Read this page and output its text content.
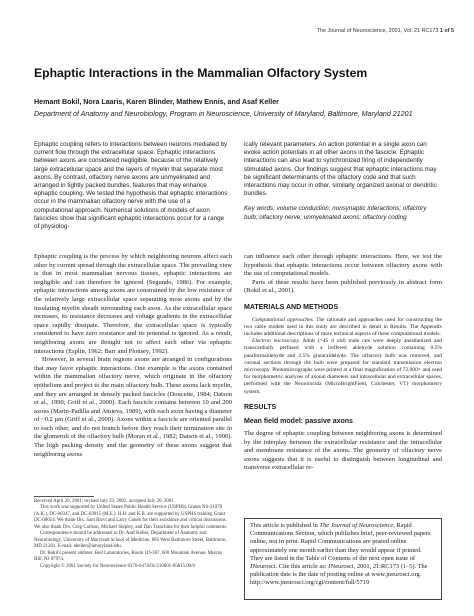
The Journal of Neuroscience, 2001, Vol. 21 RC173 1 of 5
Ephaptic Interactions in the Mammalian Olfactory System
Hemant Bokil, Nora Laaris, Karen Blinder, Mathew Ennis, and Asaf Keller
Department of Anatomy and Neurobiology, Program in Neuroscience, University of Maryland, Baltimore, Maryland 21201

Ephaptic coupling refers to interactions between neurons mediated by current flow through the extracellular space. Ephaptic interactions between axons are considered negligible, because of the relatively large extracellular space and the layers of myelin that separate most axons. By contrast, olfactory nerve axons are unmyelinated and arranged in tightly packed bundles, features that may enhance ephaptic coupling. We tested the hypothesis that ephaptic interactions occur in the mammalian olfactory nerve with the use of a computational approach. Numerical solutions of models of axon fascicles show that significant ephaptic interactions occur for a range of physiolog-

ically relevant parameters. An action potential in a single axon can evoke action potentials in all other axons in the fascicle. Ephaptic interactions can also lead to synchronized firing of independently stimulated axons. Our findings suggest that ephaptic interactions may be significant determinants of the olfactory code and that such interactions may occur in other, similarly organized axonal or dendritic bundles.

Key words: volume conduction; nonsynaptic interactions; olfactory bulb; olfactory nerve; unmyelinated axons; olfactory coding

Ephaptic coupling is the process by which neighboring neurons affect each other by current spread through the extracellular space. The prevailing view is that in most mammalian nervous tissues, ephaptic interactions are negligible and can therefore be ignored (Segundo, 1986). For example, ephaptic interactions among axons are constrained by the low resistance of the relatively large extracellular space separating most axons and by the insulating myelin sheath surrounding each axon. As the extracellular space increases, its resistance decreases and voltage gradients in the extracellular space rapidly dissipate. Therefore, the extracellular space is typically considered to have zero resistance and its potential is ignored. As a result, neighboring axons are thought not to affect each other via ephaptic interactions (Esplin, 1962; Barr and Plonsey, 1992).

However, in several brain regions axons are arranged in configurations that may favor ephaptic interactions. One example is the axons contained within the mammalian olfactory nerve, which originate in the olfactory epithelium and project to the main olfactory bulb. These axons lack myelin, and they are arranged in densely packed fascicles (Doucette, 1984; Datson et al., 1990; Griff et al., 2000). Each fascicle contains between 10 and 200 axons (Marin-Padilla and Amieva, 1989), with each axon having a diameter of ~0.2 μm (Griff et al., 2000). Axons within a fascicle are oriented parallel to each other, and do not branch before they reach their termination site in the glomeruli of the olfactory bulb (Moran et al., 1982; Datson et al., 1990). The high packing density and the geometry of these axons suggest that neighboring axons

can influence each other through ephaptic interactions. Here, we test the hypothesis that ephaptic interactions occur between olfactory axons with the use of computational models.

Parts of these results have been published previously in abstract form (Bokil et al., 2001).

MATERIALS AND METHODS

Computational approaches. The rationale and approaches used for constructing the two cable models used in this study are described in detail in Results. The Appendix includes additional descriptions of more technical aspects of these computational models.

Electron microscopy. Adult (>45 d old) male rats were deeply anesthetized and transcardially perfused with a buffered aldehyde solution containing 0.5% paraformaldehyde and 2.5% glutaraldehyde. The olfactory bulb was removed, and coronal sections through the bulb were prepared for standard transmission electron microscopy. Photomicrographs were printed at a final magnification of 72,000× and used for morphometric analyses of axonal diameters and intracellular and extracellular spaces, performed with the Neurolucida (MicroBrightField, Colchester, VT) morphometry system.

RESULTS

Mean field model: passive axons

The degree of ephaptic coupling between neighboring axons is determined by the interplay between the extracellular resistance and the intracellular and membrane resistance of the axons. The geometry of olfactory nerve axons suggests that it is useful to distinguish between longitudinal and transverse extracellular re-

Received April 20, 2001; revised July 23, 2001; accepted July 26, 2001.

This work was supported by United States Public Health Service (USPHS) Grants NS-31078 (A.K.), DC-00347, and DC-03915 (M.E.). H.B. and K.B. are supported by USPHS training Grant DC-00054. We thank Drs. Sam Rizvi and Larry Cohen for their assistance and critical discussions. We also thank Drs. Greg Carlson, Michael Shipley, and Dan Tranchina for their helpful comments.

Correspondence should be addressed to Dr. Asaf Keller, Department of Anatomy and Neurobiology, University of Maryland School of Medicine, 685 West Baltimore Street, Baltimore, MD 21201. E-mail: akeller@umaryland.edu.

Dr. Bokil's present address: Bell Laboratories, Room 1D-367, 600 Mountain Avenue, Murray Hill, NJ 07974.

Copyright © 2001 Society for Neuroscience 0270-6474/01/210001-05$15.00/0

This article is published in The Journal of Neuroscience, Rapid Communications Section, which publishes brief, peer-reviewed papers online, not in print. Rapid Communications are posted online approximately one month earlier than they would appear if printed. They are listed in the Table of Contents of the next open issue of JNeurosci. Cite this article as: JNeurosci, 2001, 21:RC173 (1–5). The publication date is the date of posting online at www.jneurosci.org. http://www.jneurosci.org/cgi/content/full/5719
